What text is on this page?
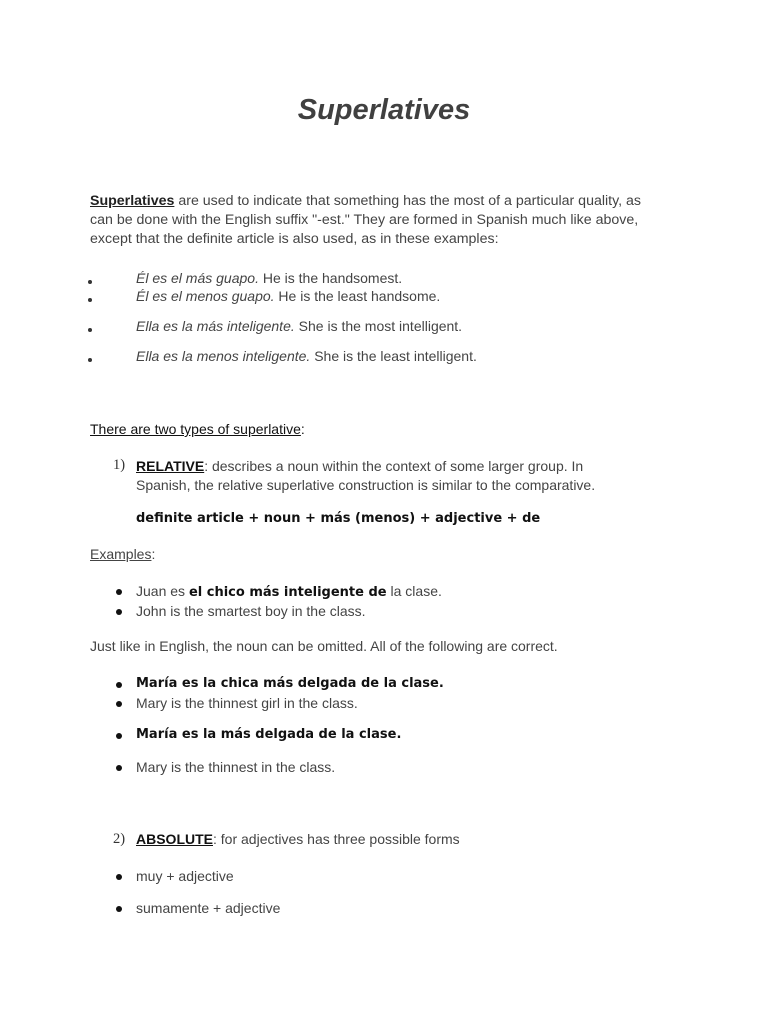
Superlatives
Superlatives are used to indicate that something has the most of a particular quality, as
can be done with the English suffix "-est." They are formed in Spanish much like above,
except that the definite article is also used, as in these examples:
Él es el más guapo. He is the handsomest.
Él es el menos guapo. He is the least handsome.
Ella es la más inteligente. She is the most intelligent.
Ella es la menos inteligente. She is the least intelligent.
There are two types of superlative:
1) RELATIVE: describes a noun within the context of some larger group. In
Spanish, the relative superlative construction is similar to the comparative.
definite article + noun + más (menos) + adjective + de
Examples:
Juan es el chico más inteligente de la clase.
John is the smartest boy in the class.
Just like in English, the noun can be omitted. All of the following are correct.
María es la chica más delgada de la clase.
Mary is the thinnest girl in the class.
María es la más delgada de la clase.
Mary is the thinnest in the class.
2) ABSOLUTE: for adjectives has three possible forms
muy + adjective
sumamente + adjective
